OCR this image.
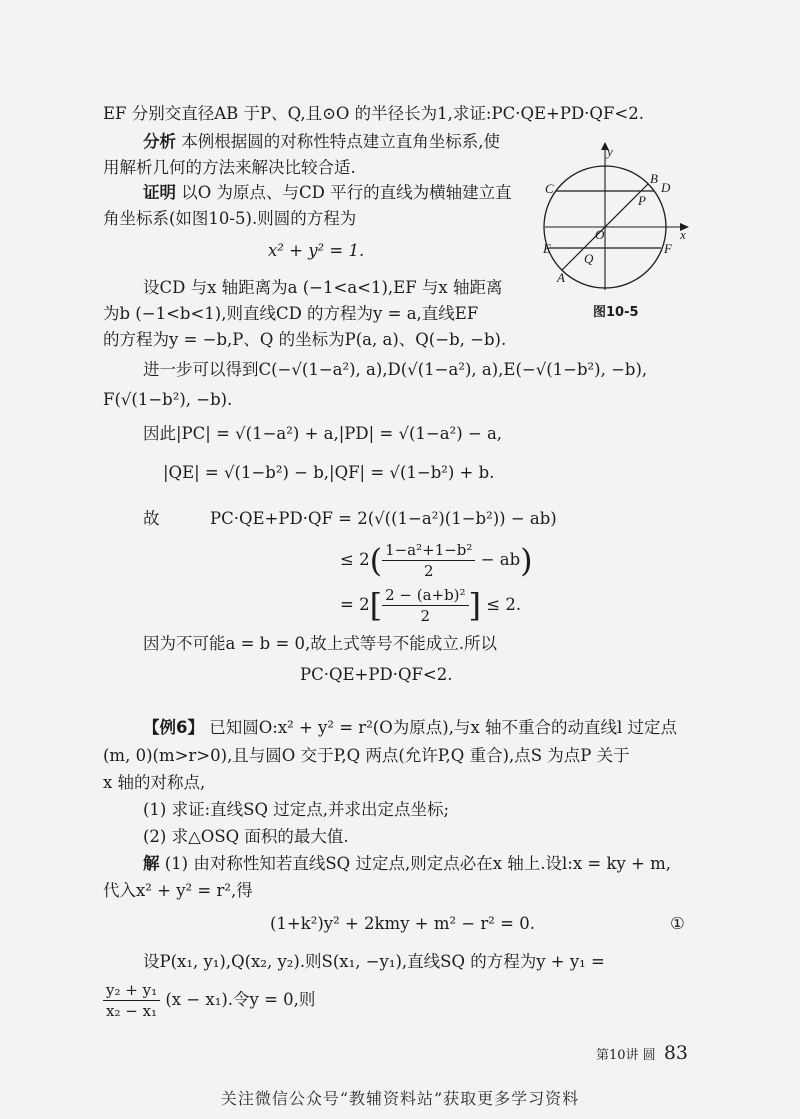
EF 分别交直径AB 于P、Q,且⊙O 的半径长为1,求证:PC·QE+PD·QF<2.
分析 本例根据圆的对称性特点建立直角坐标系,使
用解析几何的方法来解决比较合适.
证明 以O 为原点、与CD 平行的直线为横轴建立直
角坐标系(如图10-5).则圆的方程为
x² + y² = 1.
设CD 与x 轴距离为a (−1<a<1),EF 与x 轴距离
为b (−1<b<1),则直线CD 的方程为y = a,直线EF
的方程为y = −b,P、Q 的坐标为P(a, a)、Q(−b, −b).
y
x
O
B
D
C
P
E	F
Q
A
图10-5
进一步可以得到C(−√(1−a²), a),D(√(1−a²), a),E(−√(1−b²), −b),
F(√(1−b²), −b).
因此|PC| = √(1−a²) + a,|PD| = √(1−a²) − a,
|QE| = √(1−b²) − b,|QF| = √(1−b²) + b.
故	PC·QE+PD·QF = 2(√((1−a²)(1−b²)) − ab)
≤ $2( \frac{\text{1−a²+1−b²}}{2} - ab)$
= $2[ \frac{\text{2 − (a+b)²}}{2}$ ] ≤ 2.
因为不可能a = b = 0,故上式等号不能成立.所以
PC·QE+PD·QF<2.
【例6】 已知圆O:x² + y² = r²(O为原点),与x 轴不重合的动直线l 过定点
(m, 0)(m>r>0),且与圆O 交于P,Q 两点(允许P,Q 重合),点S 为点P 关于
x 轴的对称点,
(1) 求证:直线SQ 过定点,并求出定点坐标;
(2) 求△OSQ 面积的最大值.
解 (1) 由对称性知若直线SQ 过定点,则定点必在x 轴上.设l:x = ky + m,
代入x² + y² = r²,得
(1+k²)y² + 2kmy + m² − r² = 0.	①
设P(x₁, y₁),Q(x₂, y₂).则S(x₁, −y₁),直线SQ 的方程为y + y₁ =
$\frac{\text{y₂ + y₁}}{\text{x₂ − x₁}} (x - x_1)$.令y = 0,则
第10讲 圆 83
关注微信公众号“教辅资料站”获取更多学习资料
